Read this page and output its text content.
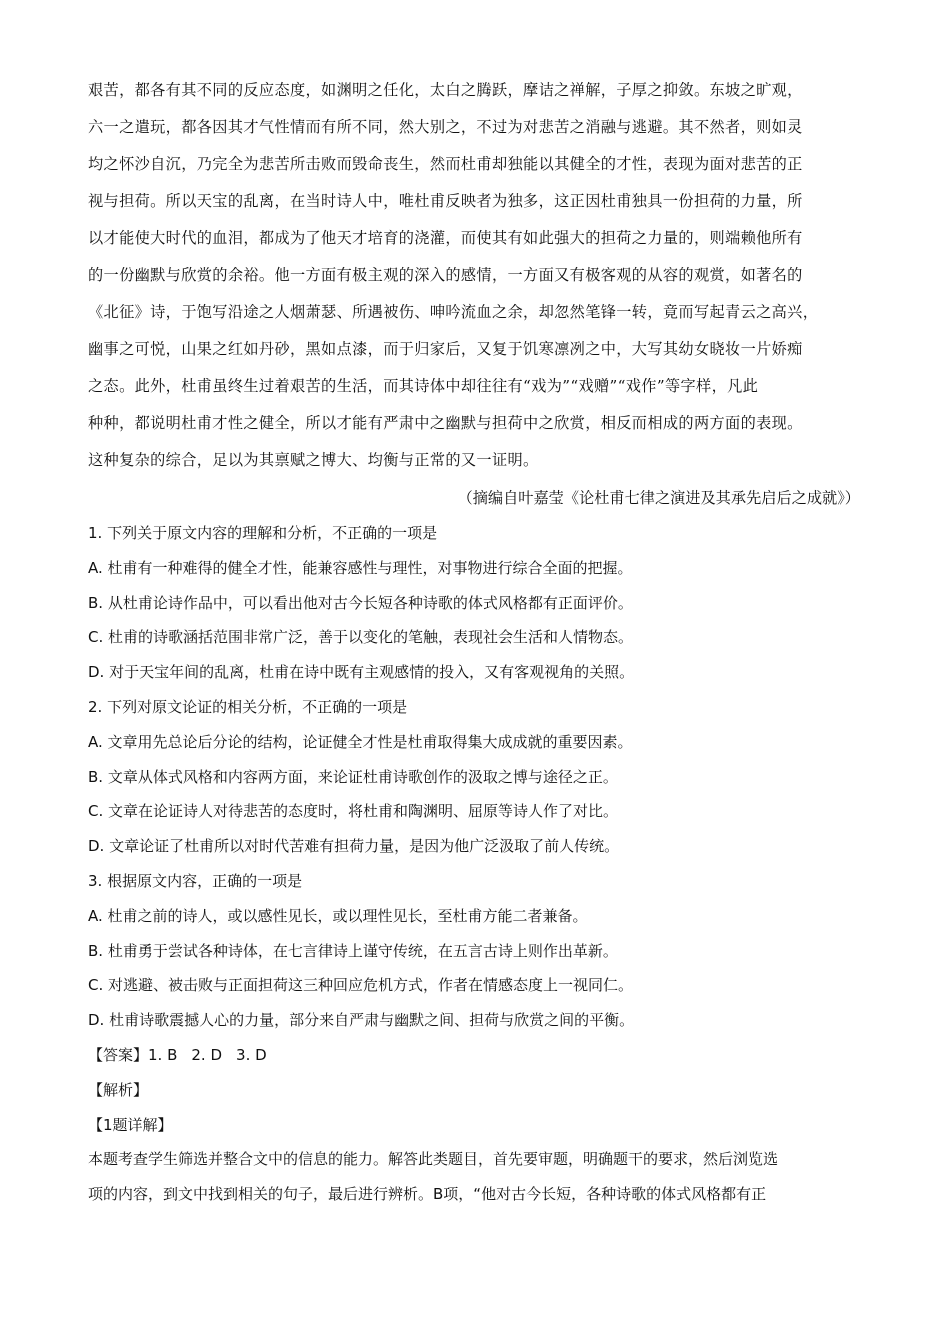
艰苦，都各有其不同的反应态度，如渊明之任化，太白之腾跃，摩诘之禅解，子厚之抑敛。东坡之旷观，
六一之遣玩，都各因其才气性情而有所不同，然大别之，不过为对悲苦之消融与逃避。其不然者，则如灵
均之怀沙自沉，乃完全为悲苦所击败而毁命丧生，然而杜甫却独能以其健全的才性，表现为面对悲苦的正
视与担荷。所以天宝的乱离，在当时诗人中，唯杜甫反映者为独多，这正因杜甫独具一份担荷的力量，所
以才能使大时代的血泪，都成为了他天才培育的浇灌，而使其有如此强大的担荷之力量的，则端赖他所有
的一份幽默与欣赏的余裕。他一方面有极主观的深入的感情，一方面又有极客观的从容的观赏，如著名的
《北征》诗，于饱写沿途之人烟萧瑟、所遇被伤、呻吟流血之余，却忽然笔锋一转，竟而写起青云之高兴，
幽事之可悦，山果之红如丹砂，黑如点漆，而于归家后，又复于饥寒凛冽之中，大写其幼女晓妆一片娇痴
之态。此外，杜甫虽终生过着艰苦的生活，而其诗体中却往往有“戏为”“戏赠”“戏作”等字样，凡此
种种，都说明杜甫才性之健全，所以才能有严肃中之幽默与担荷中之欣赏，相反而相成的两方面的表现。
这种复杂的综合，足以为其禀赋之博大、均衡与正常的又一证明。
（摘编自叶嘉莹《论杜甫七律之演进及其承先启后之成就》）
1. 下列关于原文内容的理解和分析，不正确的一项是
A. 杜甫有一种难得的健全才性，能兼容感性与理性，对事物进行综合全面的把握。
B. 从杜甫论诗作品中，可以看出他对古今长短各种诗歌的体式风格都有正面评价。
C. 杜甫的诗歌涵括范围非常广泛，善于以变化的笔触，表现社会生活和人情物态。
D. 对于天宝年间的乱离，杜甫在诗中既有主观感情的投入，又有客观视角的关照。
2. 下列对原文论证的相关分析，不正确的一项是
A. 文章用先总论后分论的结构，论证健全才性是杜甫取得集大成成就的重要因素。
B. 文章从体式风格和内容两方面，来论证杜甫诗歌创作的汲取之博与途径之正。
C. 文章在论证诗人对待悲苦的态度时，将杜甫和陶渊明、屈原等诗人作了对比。
D. 文章论证了杜甫所以对时代苦难有担荷力量，是因为他广泛汲取了前人传统。
3. 根据原文内容，正确的一项是
A. 杜甫之前的诗人，或以感性见长，或以理性见长，至杜甫方能二者兼备。
B. 杜甫勇于尝试各种诗体，在七言律诗上谨守传统，在五言古诗上则作出革新。
C. 对逃避、被击败与正面担荷这三种回应危机方式，作者在情感态度上一视同仁。
D. 杜甫诗歌震撼人心的力量，部分来自严肃与幽默之间、担荷与欣赏之间的平衡。
【答案】1. B 2. D 3. D
【解析】
【1题详解】
本题考查学生筛选并整合文中的信息的能力。解答此类题目，首先要审题，明确题干的要求，然后浏览选
项的内容，到文中找到相关的句子，最后进行辨析。B项，“他对古今长短，各种诗歌的体式风格都有正
